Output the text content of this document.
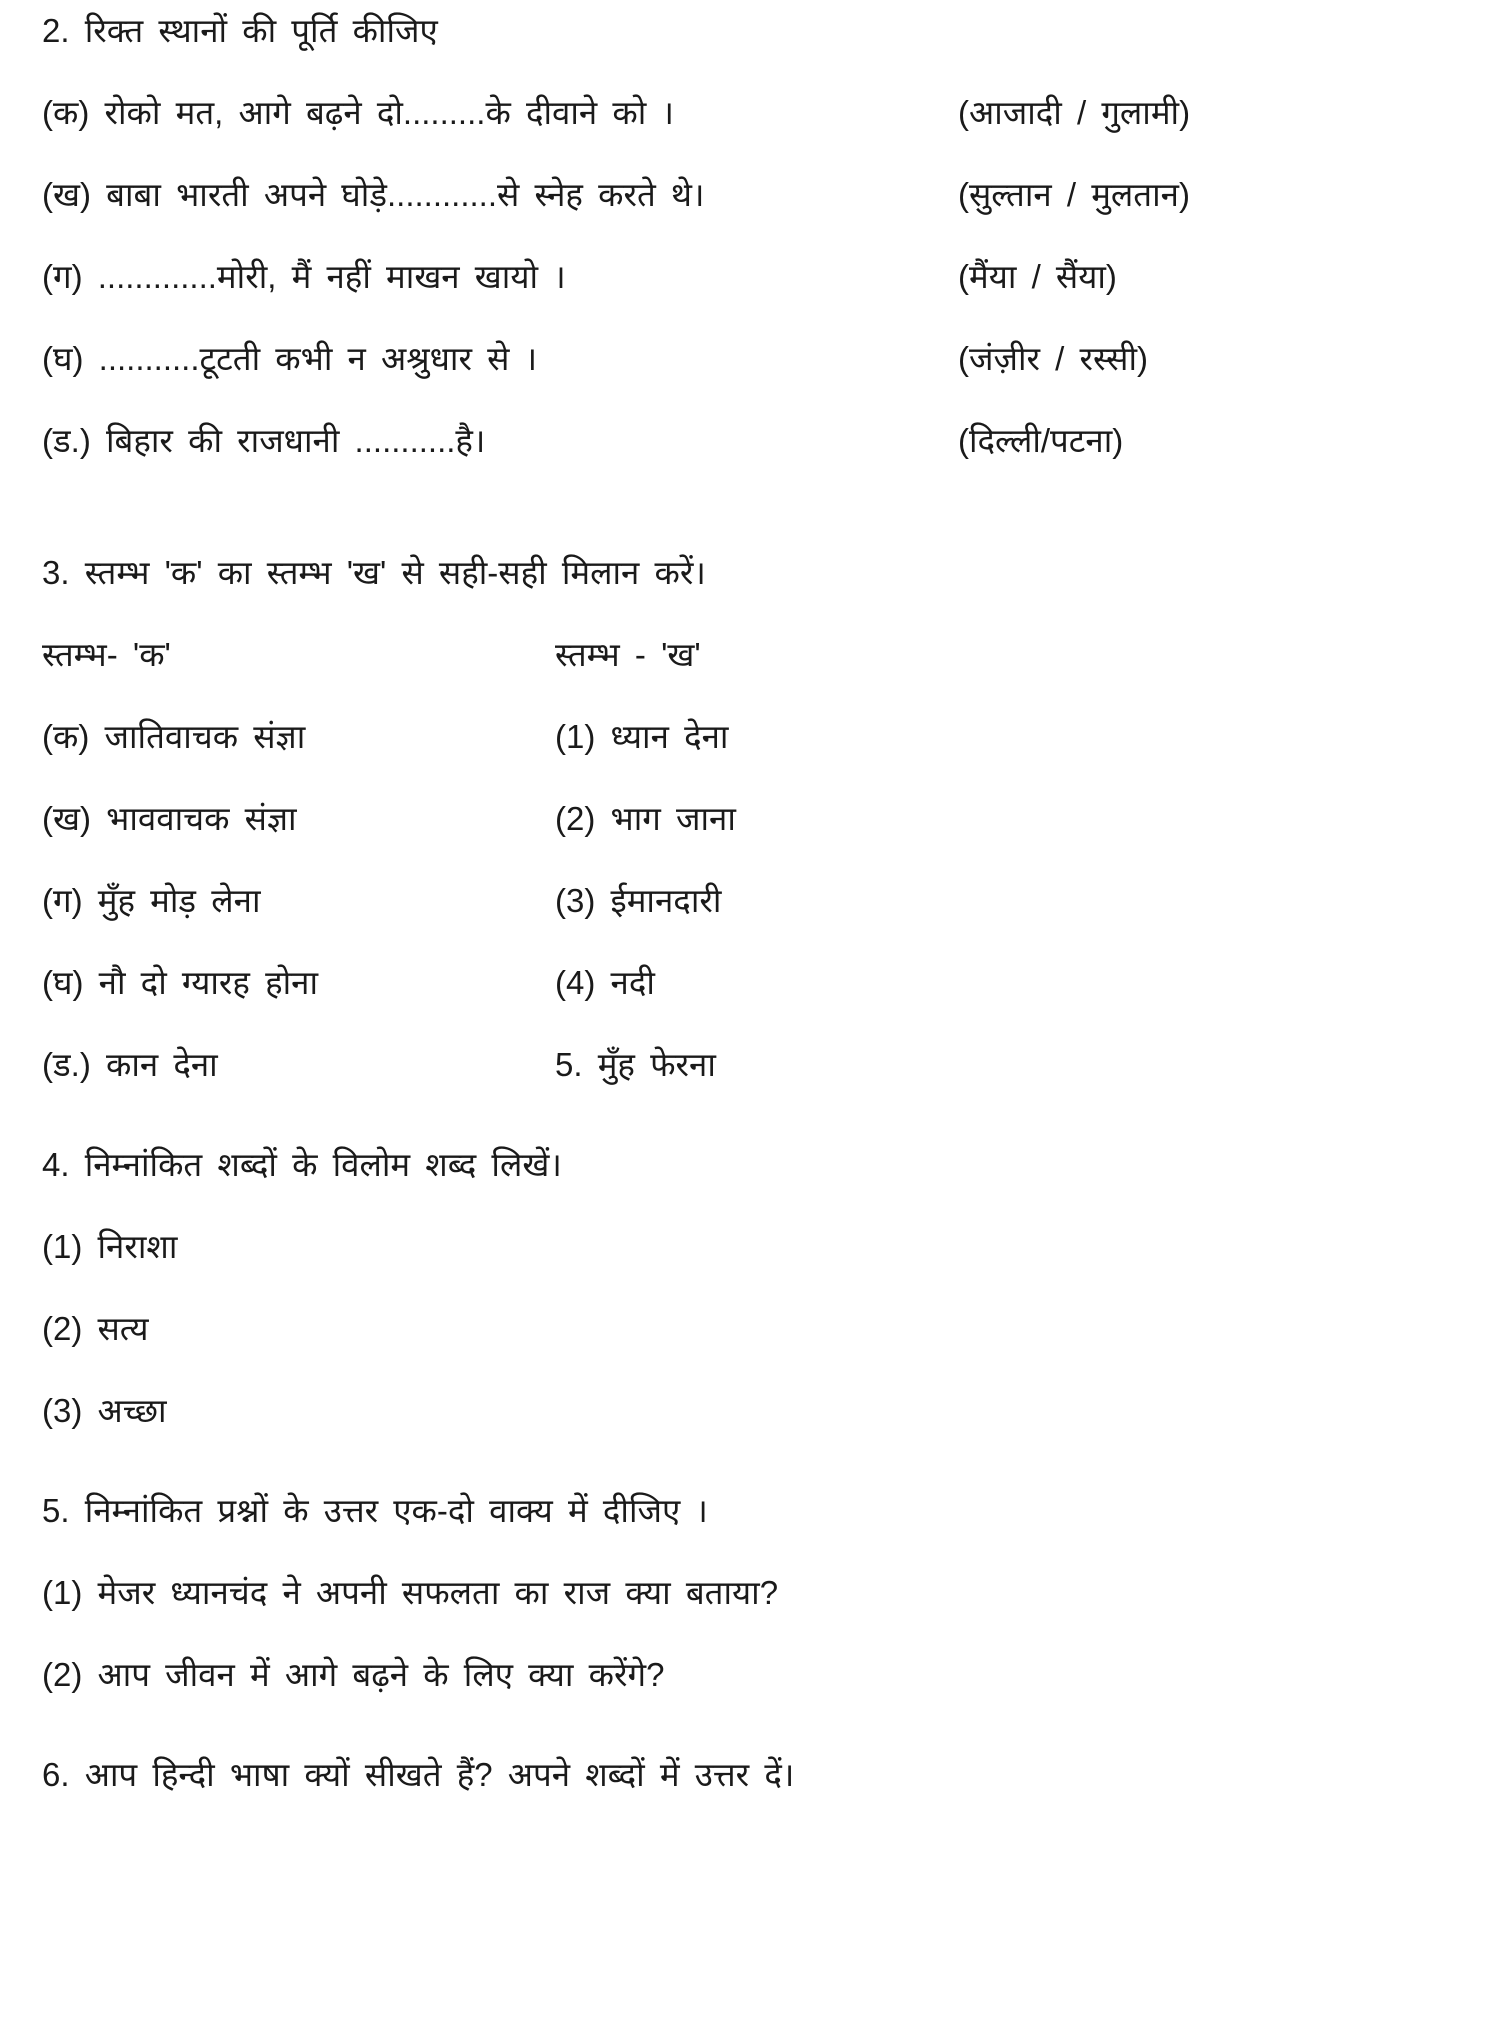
2. रिक्त स्थानों की पूर्ति कीजिए
(क) रोको मत, आगे बढ़ने दो.........के दीवाने को ।	(आजादी / गुलामी)
(ख) बाबा भारती अपने घोड़े............से स्नेह करते थे।	(सुल्तान / मुलतान)
(ग) .............मोरी, मैं नहीं माखन खायो ।	(मैंया / सैंया)
(घ) ...........टूटती कभी न अश्रुधार से ।	(जंज़ीर / रस्सी)
(ड.) बिहार की राजधानी ...........है।	(दिल्ली/पटना)
3. स्तम्भ 'क' का स्तम्भ 'ख' से सही-सही मिलान करें।
स्तम्भ- 'क'	स्तम्भ - 'ख'
(क) जातिवाचक संज्ञा	(1) ध्यान देना
(ख) भाववाचक संज्ञा	(2) भाग जाना
(ग) मुँह मोड़ लेना	(3) ईमानदारी
(घ) नौ दो ग्यारह होना	(4) नदी
(ड.) कान देना	5. मुँह फेरना
4. निम्नांकित शब्दों के विलोम शब्द लिखें।
(1) निराशा
(2) सत्य
(3) अच्छा
5. निम्नांकित प्रश्नों के उत्तर एक-दो वाक्य में दीजिए ।
(1) मेजर ध्यानचंद ने अपनी सफलता का राज क्या बताया?
(2) आप जीवन में आगे बढ़ने के लिए क्या करेंगे?
6. आप हिन्दी भाषा क्यों सीखते हैं? अपने शब्दों में उत्तर दें।
